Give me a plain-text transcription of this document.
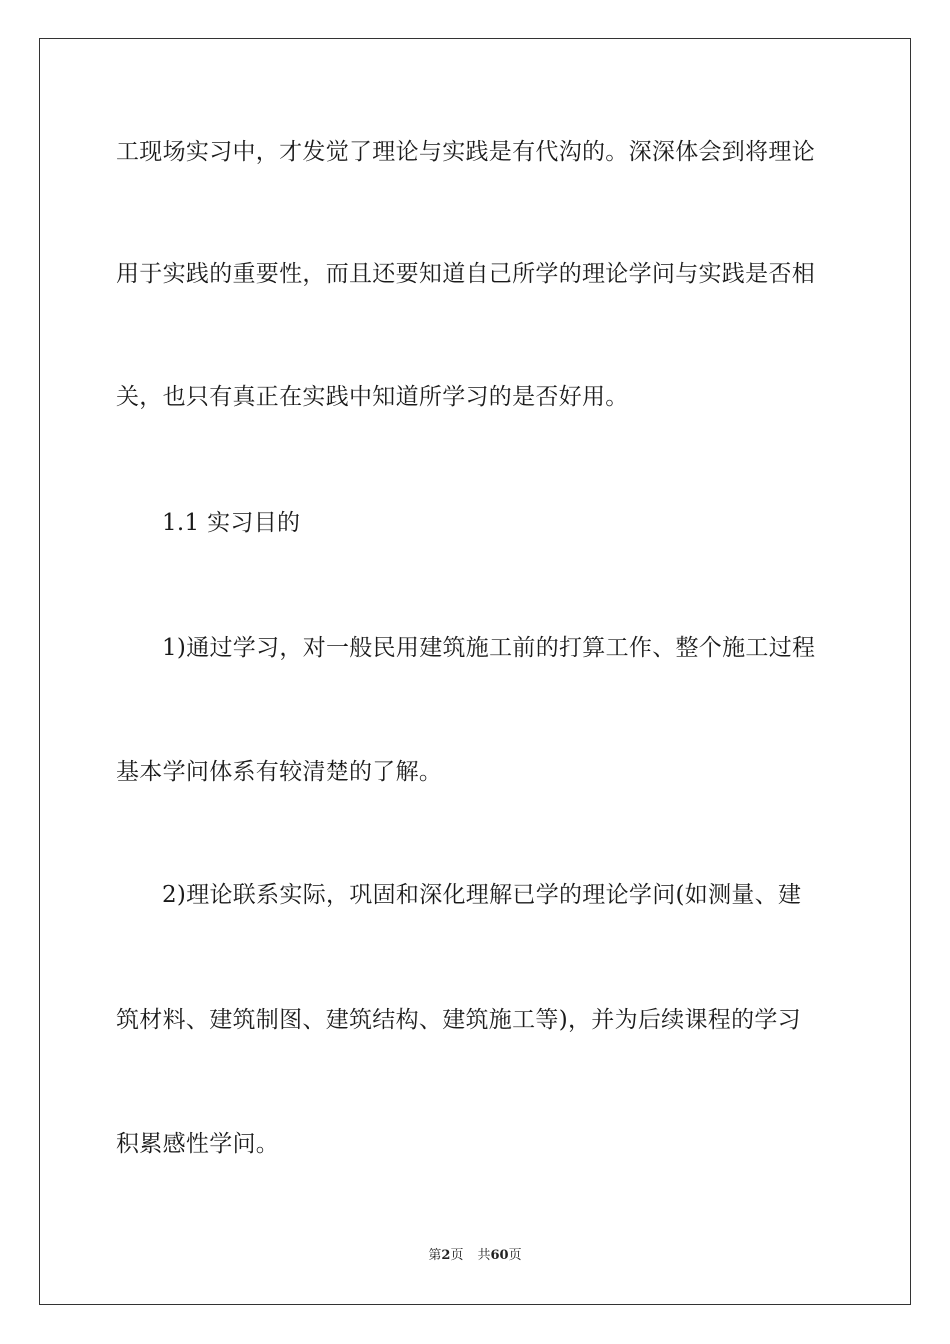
工现场实习中，才发觉了理论与实践是有代沟的。深深体会到将理论
用于实践的重要性，而且还要知道自己所学的理论学问与实践是否相
关，也只有真正在实践中知道所学习的是否好用。
1.1 实习目的
1)通过学习，对一般民用建筑施工前的打算工作、整个施工过程
基本学问体系有较清楚的了解。
2)理论联系实际，巩固和深化理解已学的理论学问(如测量、建
筑材料、建筑制图、建筑结构、建筑施工等)，并为后续课程的学习
积累感性学问。
第2页 共60页
